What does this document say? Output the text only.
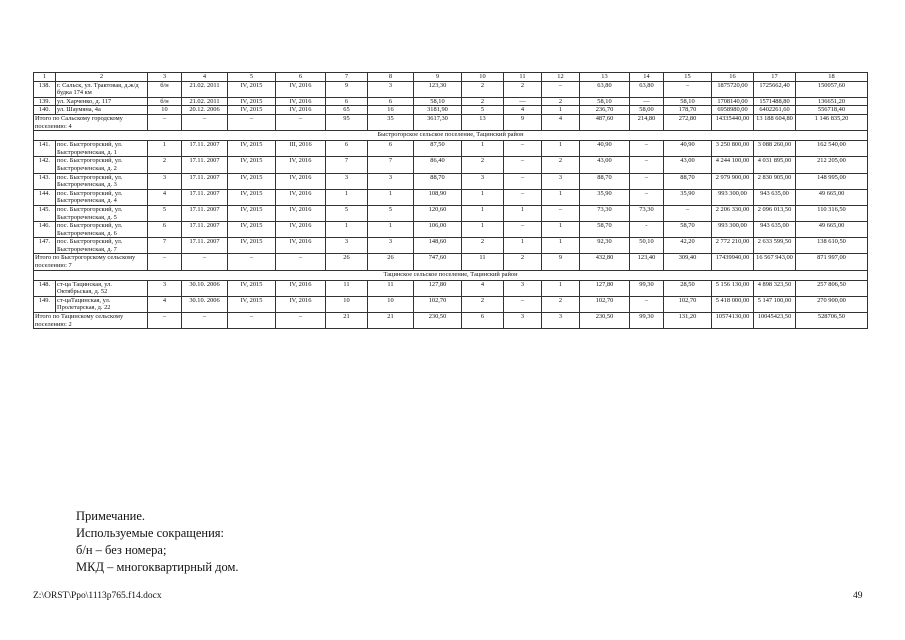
1	2	3	4	5	6	7	8	9	10	11	12	13	14	15	16	17	18
138.	г. Сальск, ул. Трактовая, д.ж/д будка 174 км	б/н	21.02. 2011	IV, 2015	IV, 2016	9	3	123,30	2	2	–	63,80	63,80	–	1875720,00	1725662,40	150057,60
139.	ул. Харченко, д. 117	б/н	21.02. 2011	IV, 2015	IV, 2016	6	6	58,10	2	—	2	58,10	—	58,10	1708140,00	1571488,80	136651,20
140.	ул. Шаумяна, 4а	10	20.12. 2006	IV, 2015	IV, 2016	65	16	3181,90	5	4	1	236,70	58,00	178,70	6958980,00	6402261,60	556718,40
Итого по Сальскому городскому поселению: 4		–	–	–	–	95	35	3617,30	13	9	4	487,60	214,80	272,80	14335440,00	13 188 604,80	1 146 835,20
Быстрогорское сельское поселение, Тацинский район																	
141.	пос. Быстрогорский, ул. Быстрореченская, д. 1	1	17.11. 2007	IV, 2015	III, 2016	6	6	87,50	1	–	1	40,90	–	40,90	3 250 800,00	3 088 260,00	162 540,00
142.	пос. Быстрогорский, ул. Быстрореченская, д. 2	2	17.11. 2007	IV, 2015	IV, 2016	7	7	86,40	2	–	2	43,00	–	43,00	4 244 100,00	4 031 895,00	212 205,00
143.	пос. Быстрогорский, ул. Быстрореченская, д. 3	3	17.11. 2007	IV, 2015	IV, 2016	3	3	88,70	3	–	3	88,70	–	88,70	2 979 900,00	2 830 905,00	148 995,00
144.	пос. Быстрогорский, ул. Быстрореченская, д. 4	4	17.11. 2007	IV, 2015	IV, 2016	1	1	108,90	1	–	1	35,90	–	35,90	993 300,00	943 635,00	49 665,00
145.	пос. Быстрогорский, ул. Быстрореченская, д. 5	5	17.11. 2007	IV, 2015	IV, 2016	5	5	120,60	1	1	–	73,30	73,30	–	2 206 330,00	2 096 013,50	110 316,50
146.	пос. Быстрогорский, ул. Быстрореченская, д. 6	6	17.11. 2007	IV, 2015	IV, 2016	1	1	106,00	1	–	1	58,70	-	58,70	993 300,00	943 635,00	49 665,00
147.	пос. Быстрогорский, ул. Быстрореченская, д. 7	7	17.11. 2007	IV, 2015	IV, 2016	3	3	148,60	2	1	1	92,30	50,10	42,20	2 772 210,00	2 633 599,50	138 610,50
Итого по Быстрогорскому сельскому поселению: 7		–	–	–	–	26	26	747,60	11	2	9	432,80	123,40	309,40	17439940,00	16 567 943,00	871 997,00
Тацинское сельское поселение, Тацинский район																	
148.	ст-ца Тацинская, ул. Октябрьская, д. 52	3	30.10. 2006	IV, 2015	IV, 2016	11	11	127,80	4	3	1	127,80	99,30	28,50	5 156 130,00	4 898 323,50	257 806,50
149.	ст-цаТацинская, ул. Пролетарская, д. 22	4	30.10. 2006	IV, 2015	IV, 2016	10	10	102,70	2	–	2	102,70	–	102,70	5 418 000,00	5 147 100,00	270 900,00
Итого по Тацинскому сельскому поселению: 2		–	–	–	–	21	21	230,50	6	3	3	230,50	99,30	131,20	10574130,00	10045423,50	528706,50
Примечание.
Используемые сокращения:
б/н – без номера;
МКД – многоквартирный дом.
Z:\ORST\Ppo\1113p765.f14.docx	49
